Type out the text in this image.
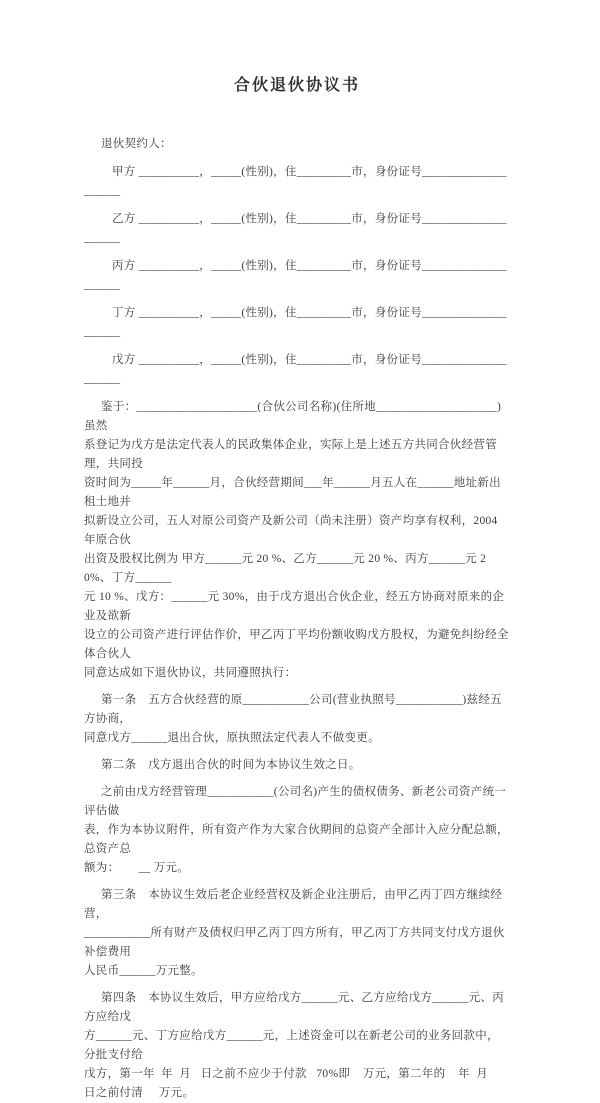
合伙退伙协议书

退伙契约人：

甲方 __________，_____(性别)，住_________市，身份证号____________________

乙方 __________，_____(性别)，住_________市，身份证号____________________

丙方 __________，_____(性别)，住_________市，身份证号____________________

丁方 __________，_____(性别)，住_________市，身份证号____________________

戊方 __________，_____(性别)，住_________市，身份证号____________________

鉴于：____________________(合伙公司名称)(住所地____________________)虽然

系登记为戊方是法定代表人的民政集体企业，实际上是上述五方共同合伙经营管理，共同投

资时间为_____年______月，合伙经营期间___年______月五人在______地址新出租土地并

拟新设立公司，五人对原公司资产及新公司（尚未注册）资产均享有权利，2004 年原合伙

出资及股权比例为 甲方______元 20 %、乙方______元 20 %、丙方______元 20%、丁方______

元 10 %、戊方：______元 30%，由于戊方退出合伙企业，经五方协商对原来的企业及欲新

设立的公司资产进行评估作价，甲乙丙丁平均份额收购戊方股权，为避免纠纷经全体合伙人

同意达成如下退伙协议，共同遵照执行：

第一条　五方合伙经营的原___________公司(营业执照号___________)兹经五方协商，

同意戊方______退出合伙，原执照法定代表人不做变更。

第二条　戊方退出合伙的时间为本协议生效之日。

之前由戊方经营管理___________(公司名)产生的债权债务、新老公司资产统一评估做

表，作为本协议附件，所有资产作为大家合伙期间的总资产全部计入应分配总额，总资产总

额为：      __ 万元。

第三条　本协议生效后老企业经营权及新企业注册后，由甲乙丙丁四方继续经营，

___________所有财产及债权归甲乙丙丁四方所有，甲乙丙丁方共同支付戊方退伙补偿费用

人民币______万元整。

第四条　本协议生效后，甲方应给戊方______元、乙方应给戊方______元、丙方应给戊

方______元、丁方应给戊方______元，上述资金可以在新老公司的业务回款中，分批支付给

戊方，第一年  年  月   日之前不应少于付款   70%即    万元，第二年的    年  月

日之前付清     万元。
